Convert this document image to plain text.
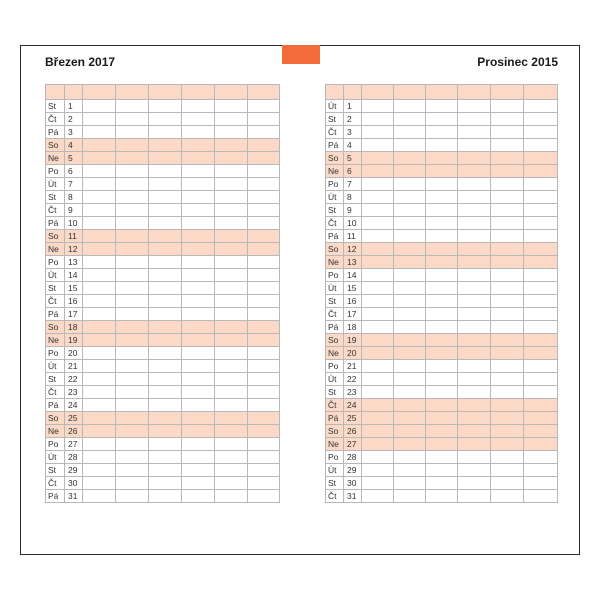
Březen 2017	Prosinec 2015

St	1						
Čt	2						
Pá	3						
So	4						
Ne	5						
Po	6						
Út	7						
St	8						
Čt	9						
Pá	10						
So	11						
Ne	12						
Po	13						
Út	14						
St	15						
Čt	16						
Pá	17						
So	18						
Ne	19						
Po	20						
Út	21						
St	22						
Čt	23						
Pá	24						
So	25						
Ne	26						
Po	27						
Út	28						
St	29						
Čt	30						
Pá	31						

Út	1						
St	2						
Čt	3						
Pá	4						
So	5						
Ne	6						
Po	7						
Út	8						
St	9						
Čt	10						
Pá	11						
So	12						
Ne	13						
Po	14						
Út	15						
St	16						
Čt	17						
Pá	18						
So	19						
Ne	20						
Po	21						
Út	22						
St	23						
Čt	24						
Pá	25						
So	26						
Ne	27						
Po	28						
Út	29						
St	30						
Čt	31						
